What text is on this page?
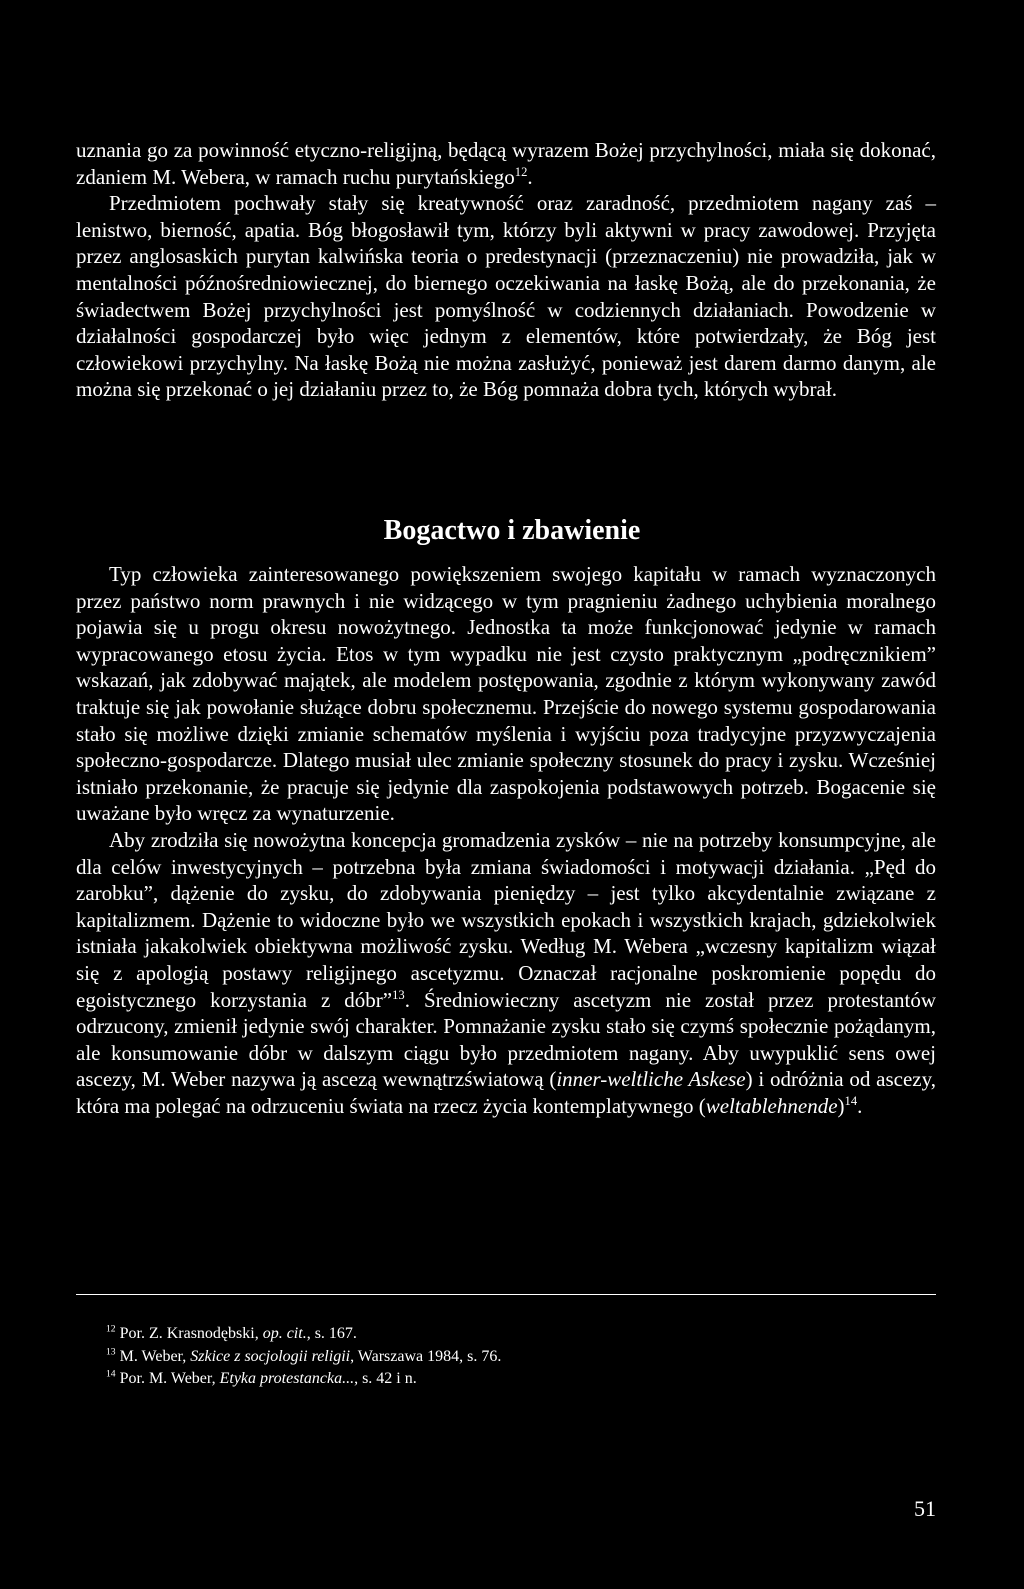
uznania go za powinność etyczno-religijną, będącą wyrazem Bożej przychylności, miała się dokonać, zdaniem M. Webera, w ramach ruchu purytańskiego$^{12}$.

Przedmiotem pochwały stały się kreatywność oraz zaradność, przedmiotem nagany zaś – lenistwo, bierność, apatia. Bóg błogosławił tym, którzy byli aktywni w pracy zawodowej. Przyjęta przez anglosaskich purytan kalwińska teoria o predestynacji (przeznaczeniu) nie prowadziła, jak w mentalności późnośredniowiecznej, do biernego oczekiwania na łaskę Bożą, ale do przekonania, że świadectwem Bożej przychylności jest pomyślność w codziennych działaniach. Powodzenie w działalności gospodarczej było więc jednym z elementów, które potwierdzały, że Bóg jest człowiekowi przychylny. Na łaskę Bożą nie można zasłużyć, ponieważ jest darem darmo danym, ale można się przekonać o jej działaniu przez to, że Bóg pomnaża dobra tych, których wybrał.

Bogactwo i zbawienie

Typ człowieka zainteresowanego powiększeniem swojego kapitału w ramach wyznaczonych przez państwo norm prawnych i nie widzącego w tym pragnieniu żadnego uchybienia moralnego pojawia się u progu okresu nowożytnego. Jednostka ta może funkcjonować jedynie w ramach wypracowanego etosu życia. Etos w tym wypadku nie jest czysto praktycznym „podręcznikiem” wskazań, jak zdobywać majątek, ale modelem postępowania, zgodnie z którym wykonywany zawód traktuje się jak powołanie służące dobru społecznemu. Przejście do nowego systemu gospodarowania stało się możliwe dzięki zmianie schematów myślenia i wyjściu poza tradycyjne przyzwyczajenia społeczno-gospodarcze. Dlatego musiał ulec zmianie społeczny stosunek do pracy i zysku. Wcześniej istniało przekonanie, że pracuje się jedynie dla zaspokojenia podstawowych potrzeb. Bogacenie się uważane było wręcz za wynaturzenie.

Aby zrodziła się nowożytna koncepcja gromadzenia zysków – nie na potrzeby konsumpcyjne, ale dla celów inwestycyjnych – potrzebna była zmiana świadomości i motywacji działania. „Pęd do zarobku”, dążenie do zysku, do zdobywania pieniędzy – jest tylko akcydentalnie związane z kapitalizmem. Dążenie to widoczne było we wszystkich epokach i wszystkich krajach, gdziekolwiek istniała jakakolwiek obiektywna możliwość zysku. Według M. Webera „wczesny kapitalizm wiązał się z apologią postawy religijnego ascetyzmu. Oznaczał racjonalne poskromienie popędu do egoistycznego korzystania z dóbr”$^{13}$. Średniowieczny ascetyzm nie został przez protestantów odrzucony, zmienił jedynie swój charakter. Pomnażanie zysku stało się czymś społecznie pożądanym, ale konsumowanie dóbr w dalszym ciągu było przedmiotem nagany. Aby uwypuklić sens owej ascezy, M. Weber nazywa ją ascezą wewnątrzświatową (inner-weltliche Askese) i odróżnia od ascezy, która ma polegać na odrzuceniu świata na rzecz życia kontemplatywnego (weltablehnende)$^{14}$.

$^{12}$ Por. Z. Krasnodębski, op. cit., s. 167.

$^{13}$ M. Weber, Szkice z socjologii religii, Warszawa 1984, s. 76.

$^{14}$ Por. M. Weber, Etyka protestancka..., s. 42 i n.

51
